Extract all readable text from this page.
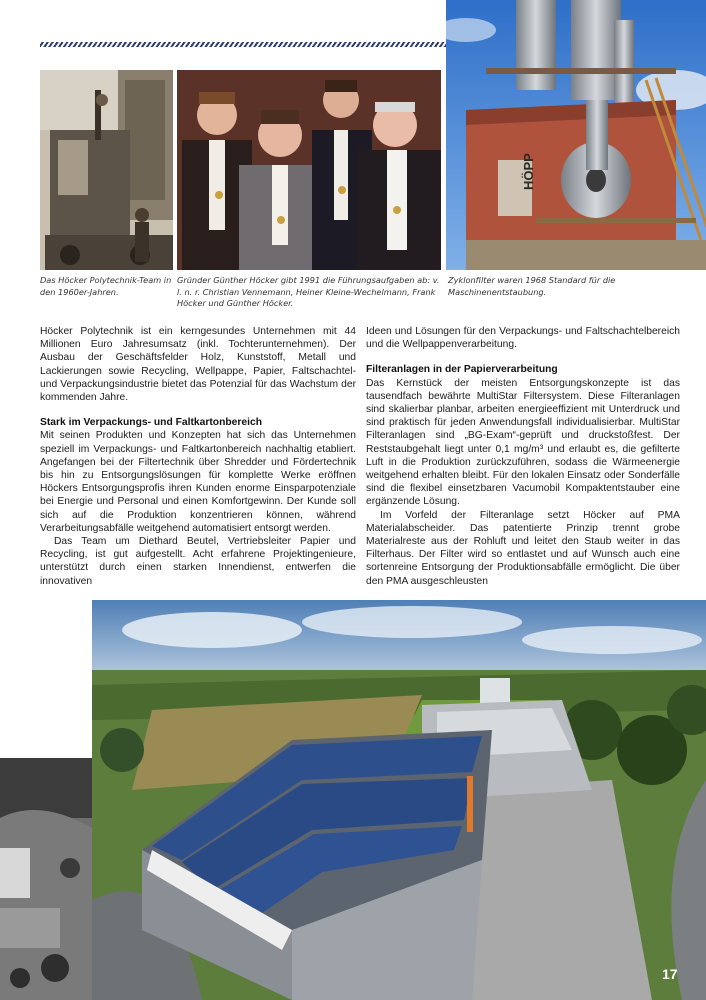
HÖPP
Das Höcker Polytechnik-Team in den 1960er-Jahren.
Gründer Günther Höcker gibt 1991 die Führungsaufgaben ab: v. l. n. r. Christian Vennemann, Heiner Kleine-Wechelmann, Frank Höcker und Günther Höcker.
Zyklonfilter waren 1968 Standard für die Maschinenentstaubung.

Höcker Polytechnik ist ein kerngesundes Unternehmen mit 44 Millionen Euro Jahresumsatz (inkl. Tochterunternehmen). Der Ausbau der Geschäftsfelder Holz, Kunststoff, Metall und Lackierungen sowie Recycling, Wellpappe, Papier, Faltschachtel- und Verpackungsindustrie bietet das Potenzial für das Wachstum der kommenden Jahre.

Stark im Verpackungs- und Faltkartonbereich

Mit seinen Produkten und Konzepten hat sich das Unternehmen speziell im Verpackungs- und Faltkartonbereich nachhaltig etabliert. Angefangen bei der Filtertechnik über Shredder und Fördertechnik bis hin zu Entsorgungslösungen für komplette Werke eröffnen Höckers Entsorgungsprofis ihren Kunden enorme Einsparpotenziale bei Energie und Personal und einen Komfortgewinn. Der Kunde soll sich auf die Produktion konzentrieren können, während Verarbeitungsabfälle weitgehend automatisiert entsorgt werden.

Das Team um Diethard Beutel, Vertriebsleiter Papier und Recycling, ist gut aufgestellt. Acht erfahrene Projektingenieure, unterstützt durch einen starken Innendienst, entwerfen die innovativen

Ideen und Lösungen für den Verpackungs- und Faltschachtelbereich und die Wellpappenverarbeitung.

Filteranlagen in der Papierverarbeitung

Das Kernstück der meisten Entsorgungskonzepte ist das tausendfach bewährte MultiStar Filtersystem. Diese Filteranlagen sind skalierbar planbar, arbeiten energieeffizient mit Unterdruck und sind praktisch für jeden Anwendungsfall individualisierbar. MultiStar Filteranlagen sind „BG-Exam“-geprüft und druckstoßfest. Der Reststaubgehalt liegt unter 0,1 mg/m³ und erlaubt es, die gefilterte Luft in die Produktion zurückzuführen, sodass die Wärmeenergie weitgehend erhalten bleibt. Für den lokalen Einsatz oder Sonderfälle sind die flexibel einsetzbaren Vacumobil Kompaktentstauber eine ergänzende Lösung.

Im Vorfeld der Filteranlage setzt Höcker auf PMA Materialabscheider. Das patentierte Prinzip trennt grobe Materialreste aus der Rohluft und leitet den Staub weiter in das Filterhaus. Der Filter wird so entlastet und auf Wunsch auch eine sortenreine Entsorgung der Produktionsabfälle ermöglicht. Die über den PMA ausgeschleusten

17
